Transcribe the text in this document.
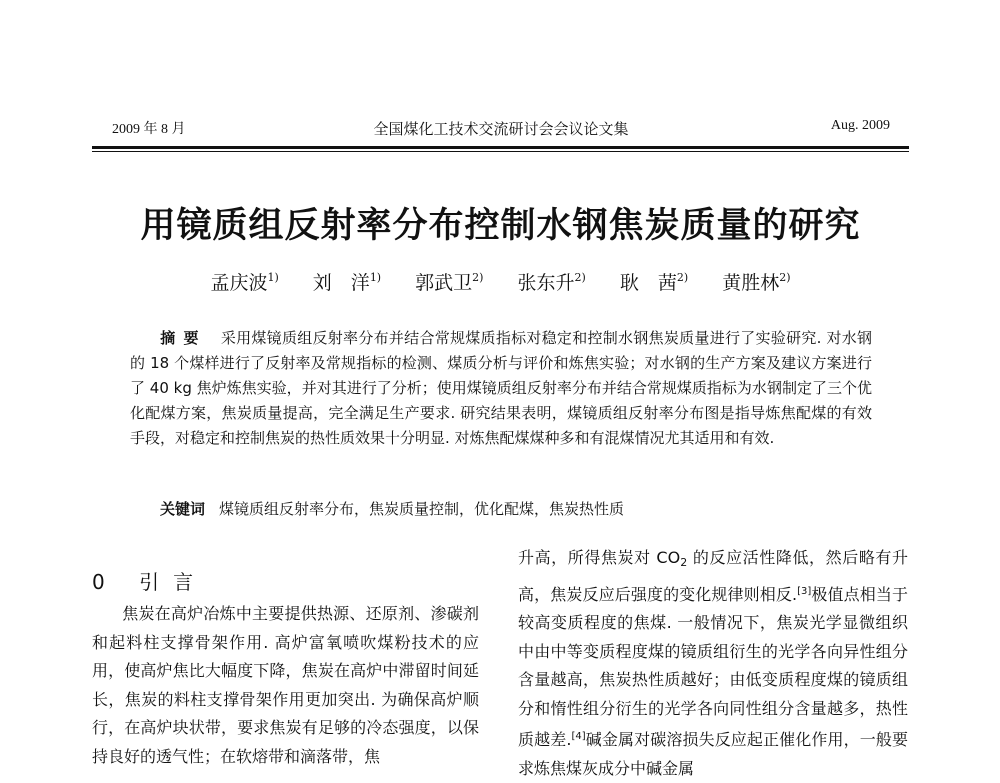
2009 年 8 月	全国煤化工技术交流研讨会会议论文集	Aug. 2009
用镜质组反射率分布控制水钢焦炭质量的研究
孟庆波$^{1)}$ 刘　洋$^{1)}$ 郭武卫$^{2)}$ 张东升$^{2)}$ 耿　茜$^{2)}$ 黄胜林$^{2)}$
摘要 采用煤镜质组反射率分布并结合常规煤质指标对稳定和控制水钢焦炭质量进行了实验研究. 对水钢的 18 个煤样进行了反射率及常规指标的检测、煤质分析与评价和炼焦实验；对水钢的生产方案及建议方案进行了 40 kg 焦炉炼焦实验，并对其进行了分析；使用煤镜质组反射率分布并结合常规煤质指标为水钢制定了三个优化配煤方案，焦炭质量提高，完全满足生产要求. 研究结果表明，煤镜质组反射率分布图是指导炼焦配煤的有效手段，对稳定和控制焦炭的热性质效果十分明显. 对炼焦配煤煤种多和有混煤情况尤其适用和有效.
关键词 煤镜质组反射率分布，焦炭质量控制，优化配煤，焦炭热性质
0 引言

焦炭在高炉冶炼中主要提供热源、还原剂、渗碳剂和起料柱支撑骨架作用. 高炉富氧喷吹煤粉技术的应用，使高炉焦比大幅度下降，焦炭在高炉中滞留时间延长，焦炭的料柱支撑骨架作用更加突出. 为确保高炉顺行，在高炉块状带，要求焦炭有足够的冷态强度，以保持良好的透气性；在软熔带和滴落带，焦

升高，所得焦炭对 $CO_2$ 的反应活性降低，然后略有升高，焦炭反应后强度的变化规律则相反.[3]极值点相当于较高变质程度的焦煤. 一般情况下，焦炭光学显微组织中由中等变质程度煤的镜质组衍生的光学各向异性组分含量越高，焦炭热性质越好；由低变质程度煤的镜质组分和惰性组分衍生的光学各向同性组分含量越多，热性质越差.[4]碱金属对碳溶损失反应起正催化作用，一般要求炼焦煤灰成分中碱金属
